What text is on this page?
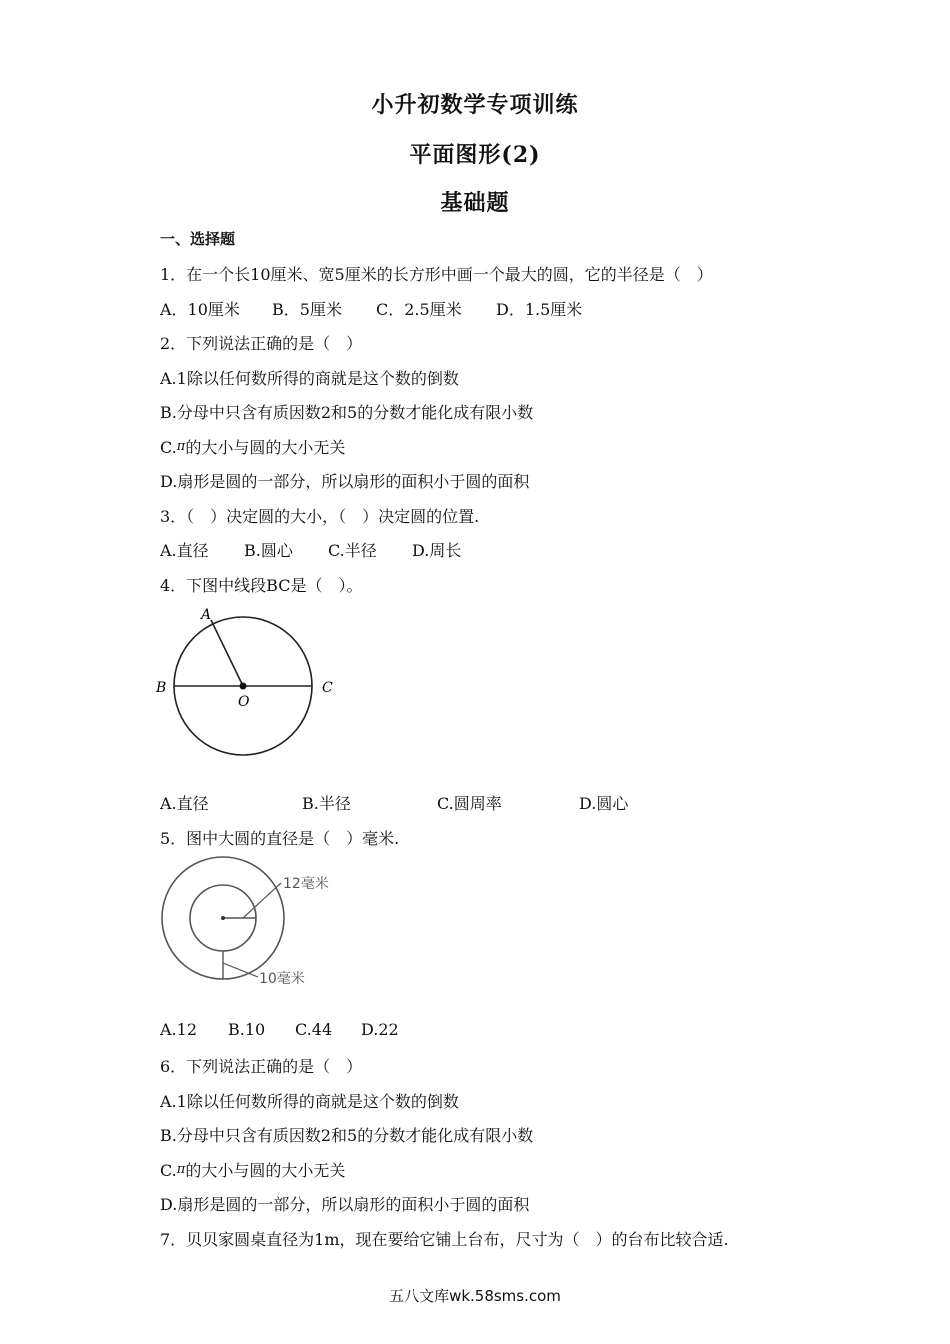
小升初数学专项训练
平面图形(2)
基础题
一、选择题
1．在一个长10厘米、宽5厘米的长方形中画一个最大的圆，它的半径是（　）
A．10厘米 B．5厘米 C．2.5厘米 D．1.5厘米
2．下列说法正确的是（　）
A.1除以任何数所得的商就是这个数的倒数
B.分母中只含有质因数2和5的分数才能化成有限小数
C.π的大小与圆的大小无关
D.扇形是圆的一部分，所以扇形的面积小于圆的面积
3．（　）决定圆的大小，（　）决定圆的位置.
A.直径 B.圆心 C.半径 D.周长
4．下图中线段BC是（　）。
A
B	C
O
A.直径	B.半径	C.圆周率	D.圆心
5．图中大圆的直径是（　）毫米.
12毫米
10毫米
A.12 B.10 C.44 D.22
6．下列说法正确的是（　）
A.1除以任何数所得的商就是这个数的倒数
B.分母中只含有质因数2和5的分数才能化成有限小数
C.π的大小与圆的大小无关
D.扇形是圆的一部分，所以扇形的面积小于圆的面积
7．贝贝家圆桌直径为1m，现在要给它铺上台布，尺寸为（　）的台布比较合适.
五八文库wk.58sms.com
